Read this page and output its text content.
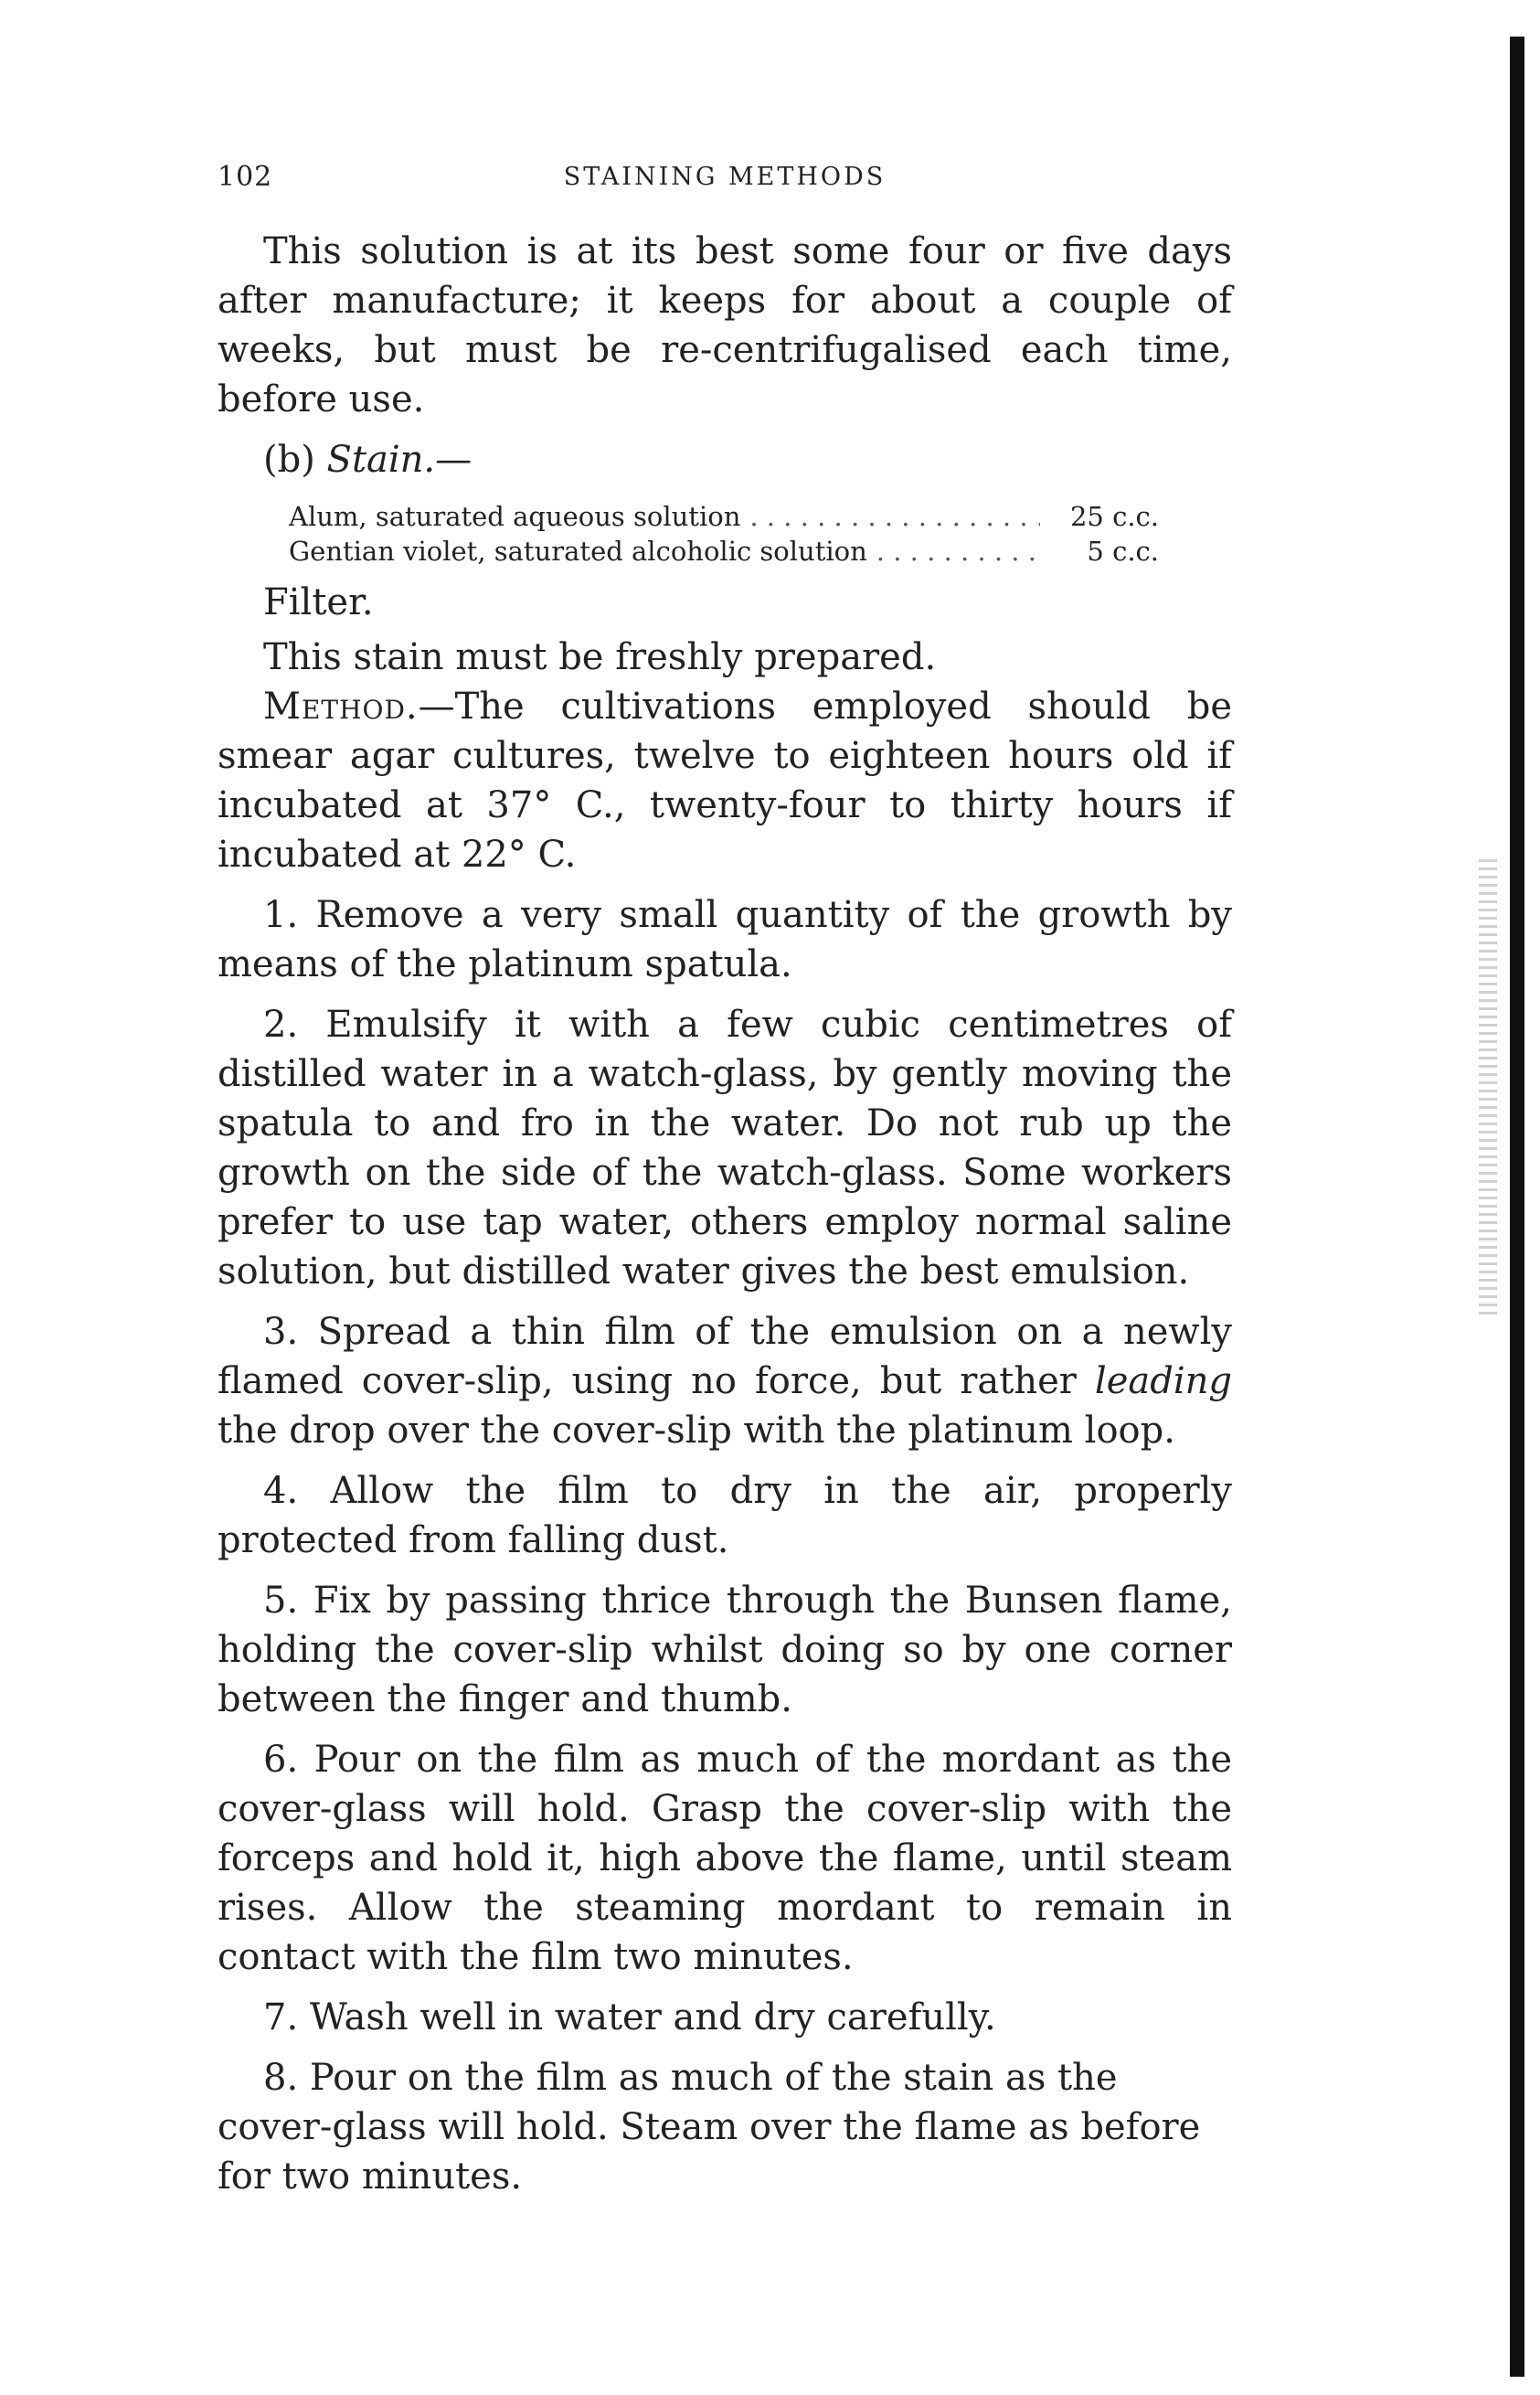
102	STAINING METHODS

This solution is at its best some four or five days after manufacture; it keeps for about a couple of weeks, but must be re-centrifugalised each time, before use.

(b) Stain.—

Alum, saturated aqueous solution . . .	25 c.c.
Gentian violet, saturated alcoholic solution . . .	5 c.c.

Filter.

This stain must be freshly prepared.

Method.—The cultivations employed should be smear agar cultures, twelve to eighteen hours old if incubated at 37° C., twenty-four to thirty hours if incubated at 22° C.

1. Remove a very small quantity of the growth by means of the platinum spatula.

2. Emulsify it with a few cubic centimetres of distilled water in a watch-glass, by gently moving the spatula to and fro in the water. Do not rub up the growth on the side of the watch-glass. Some workers prefer to use tap water, others employ normal saline solution, but distilled water gives the best emulsion.

3. Spread a thin film of the emulsion on a newly flamed cover-slip, using no force, but rather leading the drop over the cover-slip with the platinum loop.

4. Allow the film to dry in the air, properly protected from falling dust.

5. Fix by passing thrice through the Bunsen flame, holding the cover-slip whilst doing so by one corner between the finger and thumb.

6. Pour on the film as much of the mordant as the cover-glass will hold. Grasp the cover-slip with the forceps and hold it, high above the flame, until steam rises. Allow the steaming mordant to remain in contact with the film two minutes.

7. Wash well in water and dry carefully.

8. Pour on the film as much of the stain as the cover-glass will hold. Steam over the flame as before for two minutes.
